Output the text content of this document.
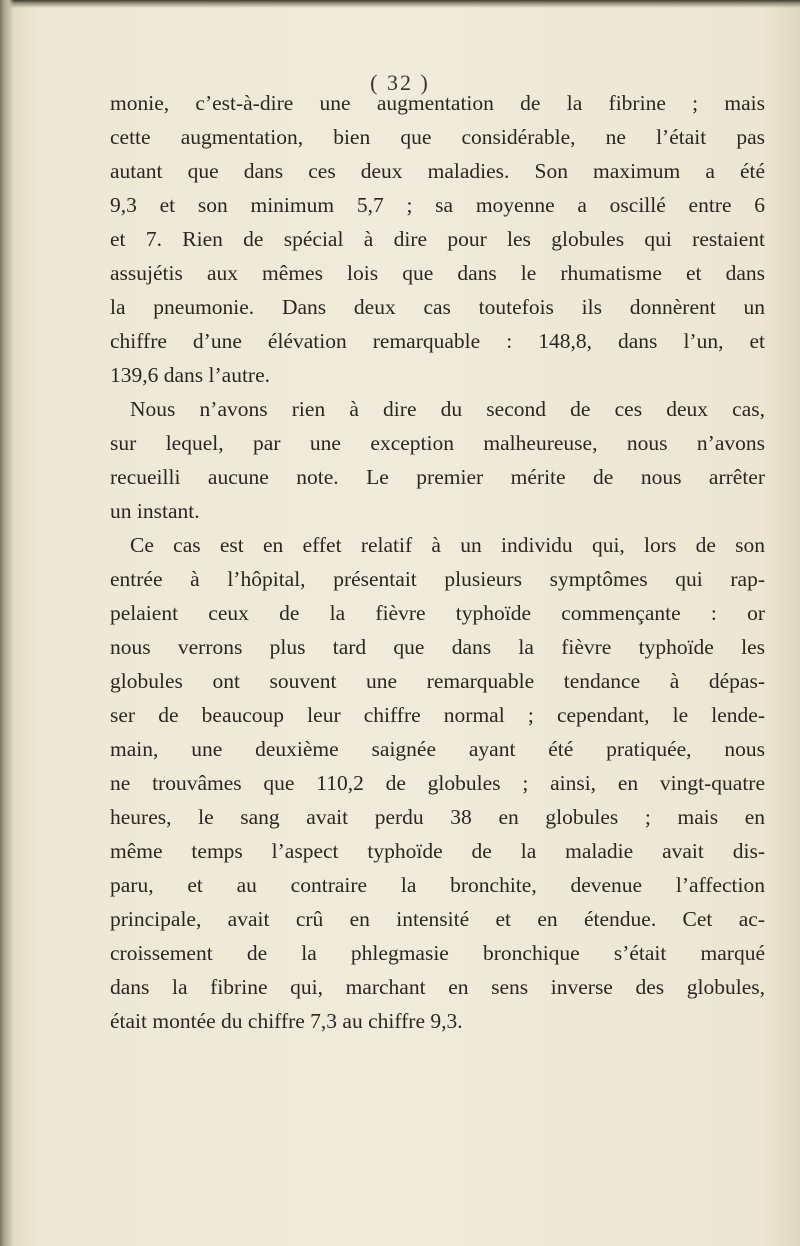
( 32 )
monie, c’est-à-dire une augmentation de la fibrine ; mais
cette augmentation, bien que considérable, ne l’était pas
autant que dans ces deux maladies. Son maximum a été
9,3 et son minimum 5,7 ; sa moyenne a oscillé entre 6
et 7. Rien de spécial à dire pour les globules qui restaient
assujétis aux mêmes lois que dans le rhumatisme et dans
la pneumonie. Dans deux cas toutefois ils donnèrent un
chiffre d’une élévation remarquable : 148,8, dans l’un, et
139,6 dans l’autre.
Nous n’avons rien à dire du second de ces deux cas,
sur lequel, par une exception malheureuse, nous n’avons
recueilli aucune note. Le premier mérite de nous arrêter
un instant.
Ce cas est en effet relatif à un individu qui, lors de son
entrée à l’hôpital, présentait plusieurs symptômes qui rap-
pelaient ceux de la fièvre typhoïde commençante : or
nous verrons plus tard que dans la fièvre typhoïde les
globules ont souvent une remarquable tendance à dépas-
ser de beaucoup leur chiffre normal ; cependant, le lende-
main, une deuxième saignée ayant été pratiquée, nous
ne trouvâmes que 110,2 de globules ; ainsi, en vingt-quatre
heures, le sang avait perdu 38 en globules ; mais en
même temps l’aspect typhoïde de la maladie avait dis-
paru, et au contraire la bronchite, devenue l’affection
principale, avait crû en intensité et en étendue. Cet ac-
croissement de la phlegmasie bronchique s’était marqué
dans la fibrine qui, marchant en sens inverse des globules,
était montée du chiffre 7,3 au chiffre 9,3.
